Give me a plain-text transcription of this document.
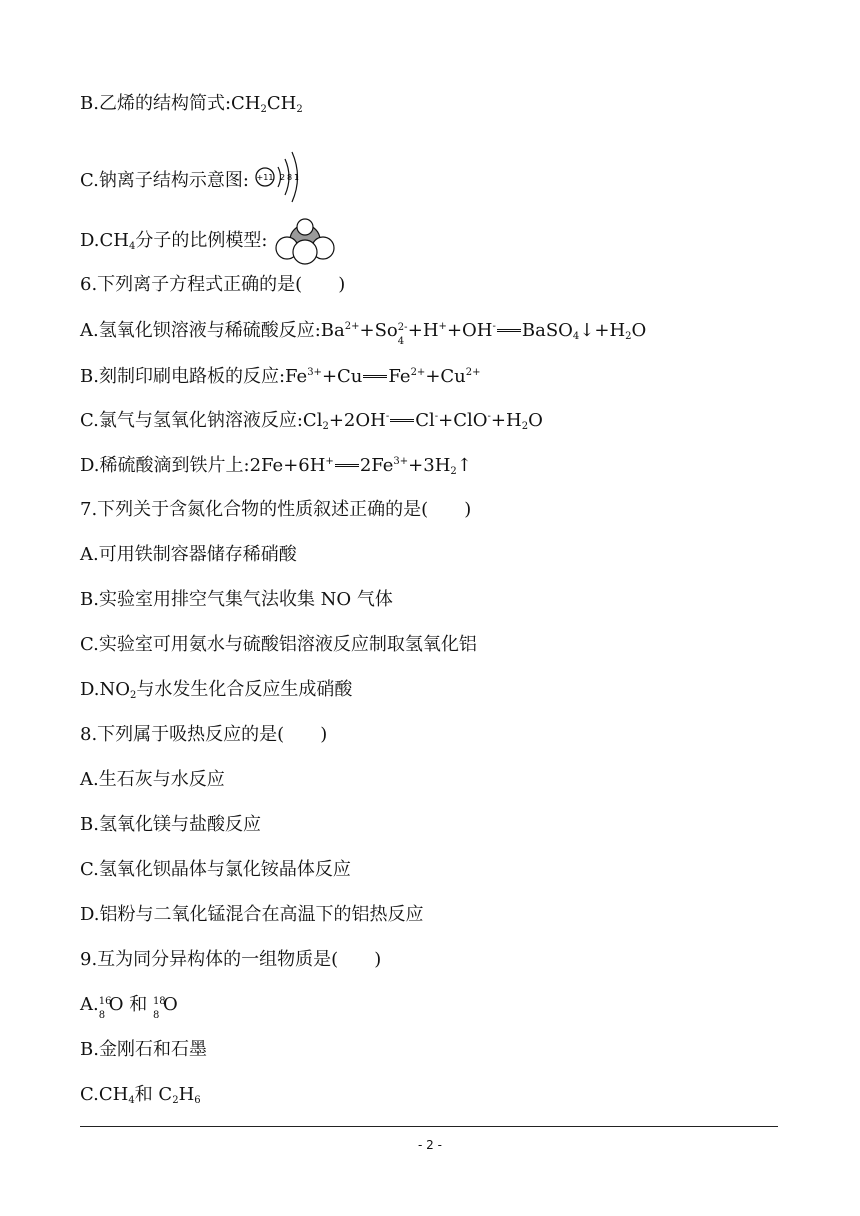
B.乙烯的结构简式$:CH_2CH_2$
C.钠离子结构示意图: +11 2 8 1
$D.CH_4$分子的比例模型:
6.下列离子方程式正确的是(　　)
A.氢氧化钡溶液与稀硫酸反应$:Ba^{2+}+So$ 2-
4
+H++OH- $BaSO_4↓+H_2O$
B.刻制印刷电路板的反应$:Fe^{3+}+Cu$ $Fe^{2+}+Cu^{2+}$
C.氯气与氢氧化钠溶液反应$:Cl_2+2OH^-$ $Cl^-+ClO^-+H_2O$
D.稀硫酸滴到铁片上:2Fe+6H+ $2Fe^{3+}+3H_2↑$
7.下列关于含氮化合物的性质叙述正确的是(　　)
A.可用铁制容器储存稀硝酸
B.实验室用排空气集气法收集 NO 气体
C.实验室可用氨水与硫酸铝溶液反应制取氢氧化铝
$D.NO_2$与水发生化合反应生成硝酸
8.下列属于吸热反应的是(　　)
A.生石灰与水反应
B.氢氧化镁与盐酸反应
C.氢氧化钡晶体与氯化铵晶体反应
D.铝粉与二氧化锰混合在高温下的铝热反应
9.互为同分异构体的一组物质是(　　)
A. 16
8
O 和 18
8
O
B.金刚石和石墨
$C.CH_4$和 $C_2H_6$
- 2 -
